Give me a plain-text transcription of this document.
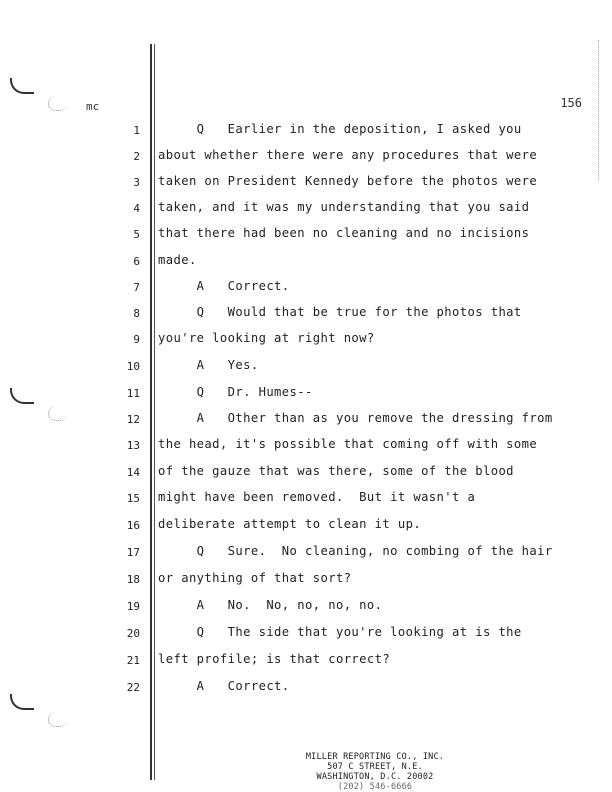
mc	156
1 Q   Earlier in the deposition, I asked you
2 about whether there were any procedures that were
3 taken on President Kennedy before the photos were
4 taken, and it was my understanding that you said
5 that there had been no cleaning and no incisions
6 made.
7 A   Correct.
8 Q   Would that be true for the photos that
9 you're looking at right now?
10 A   Yes.
11 Q   Dr. Humes--
12 A   Other than as you remove the dressing from
13 the head, it's possible that coming off with some
14 of the gauze that was there, some of the blood
15 might have been removed.  But it wasn't a
16 deliberate attempt to clean it up.
17 Q   Sure.  No cleaning, no combing of the hair
18 or anything of that sort?
19 A   No.  No, no, no, no.
20 Q   The side that you're looking at is the
21 left profile; is that correct?
22 A   Correct.
MILLER REPORTING CO., INC.
507 C STREET, N.E.
WASHINGTON, D.C. 20002
(202) 546-6666
